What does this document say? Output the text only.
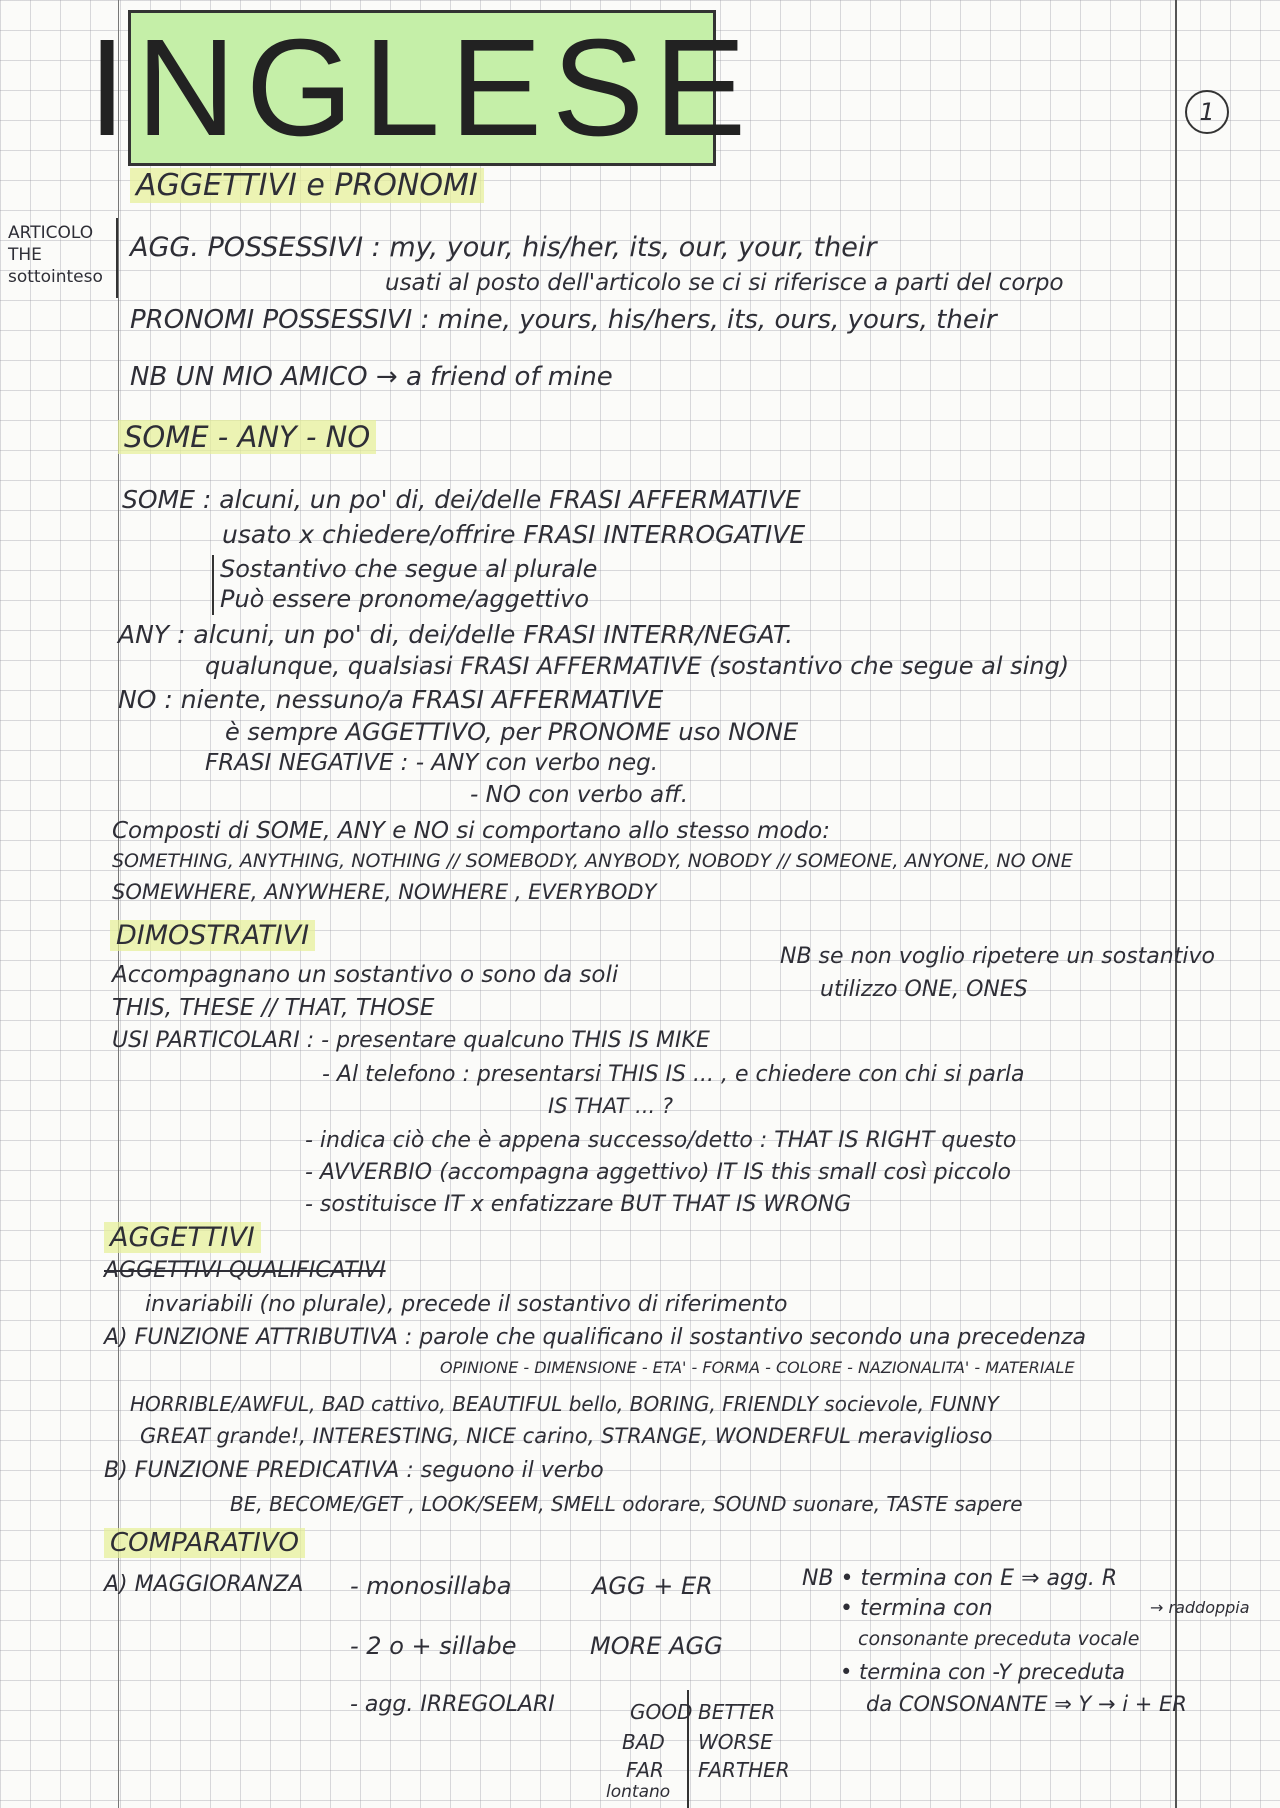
INGLESE	1
AGGETTIVI e PRONOMI
ARTICOLO
THE
sottointeso
AGG. POSSESSIVI : my, your, his/her, its, our, your, their
usati al posto dell'articolo se ci si riferisce a parti del corpo
PRONOMI POSSESSIVI : mine, yours, his/hers, its, ours, yours, their
NB UN MIO AMICO → a friend of mine
SOME - ANY - NO
SOME : alcuni, un po' di, dei/delle FRASI AFFERMATIVE
usato x chiedere/offrire FRASI INTERROGATIVE
Sostantivo che segue al plurale
Può essere pronome/aggettivo
ANY : alcuni, un po' di, dei/delle FRASI INTERR/NEGAT.
qualunque, qualsiasi FRASI AFFERMATIVE (sostantivo che segue al sing)
NO : niente, nessuno/a FRASI AFFERMATIVE
è sempre AGGETTIVO, per PRONOME uso NONE
FRASI NEGATIVE : - ANY con verbo neg.
- NO con verbo aff.
Composti di SOME, ANY e NO si comportano allo stesso modo:
SOMETHING, ANYTHING, NOTHING // SOMEBODY, ANYBODY, NOBODY // SOMEONE, ANYONE, NO ONE
SOMEWHERE, ANYWHERE, NOWHERE , EVERYBODY
DIMOSTRATIVI
NB se non voglio ripetere un sostantivo
utilizzo ONE, ONES
Accompagnano un sostantivo o sono da soli
THIS, THESE // THAT, THOSE
USI PARTICOLARI : - presentare qualcuno THIS IS MIKE
- Al telefono : presentarsi THIS IS ... , e chiedere con chi si parla
IS THAT ... ?
- indica ciò che è appena successo/detto : THAT IS RIGHT questo
- AVVERBIO (accompagna aggettivo) IT IS this small così piccolo
- sostituisce IT x enfatizzare BUT THAT IS WRONG
AGGETTIVI
AGGETTIVI QUALIFICATIVI
invariabili (no plurale), precede il sostantivo di riferimento
A) FUNZIONE ATTRIBUTIVA : parole che qualificano il sostantivo secondo una precedenza
OPINIONE - DIMENSIONE - ETA' - FORMA - COLORE - NAZIONALITA' - MATERIALE
HORRIBLE/AWFUL, BAD cattivo, BEAUTIFUL bello, BORING, FRIENDLY socievole, FUNNY
GREAT grande!, INTERESTING, NICE carino, STRANGE, WONDERFUL meraviglioso
B) FUNZIONE PREDICATIVA : seguono il verbo
BE, BECOME/GET , LOOK/SEEM, SMELL odorare, SOUND suonare, TASTE sapere
COMPARATIVO
A) MAGGIORANZA - monosillaba	AGG + ER
- 2 o + sillabe	MORE AGG
- agg. IRREGOLARI	GOOD BETTER
BAD WORSE
FAR FARTHER
lontano
NB • termina con E ⇒ agg. R
• termina con	→ raddoppia
consonante preceduta vocale
• termina con -Y preceduta
da CONSONANTE ⇒ Y → i + ER
